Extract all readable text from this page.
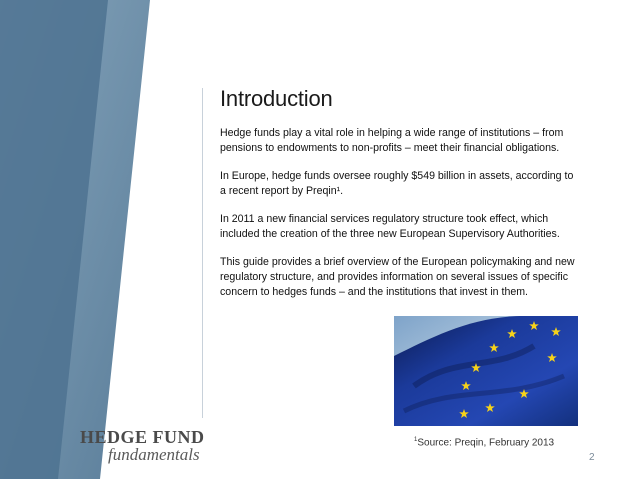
Introduction

Hedge funds play a vital role in helping a wide range of institutions – from pensions to endowments to non-profits – meet their financial obligations.

In Europe, hedge funds oversee roughly $549 billion in assets, according to a recent report by Preqin¹.

In 2011 a new financial services regulatory structure took effect, which included the creation of the three new European Supervisory Authorities.

This guide provides a brief overview of the European policymaking and new regulatory structure, and provides information on several issues of specific concern to hedges funds – and the institutions that invest in them.

$^1$Source: Preqin, February 2013
2
HEDGE FUND
fundamentals
